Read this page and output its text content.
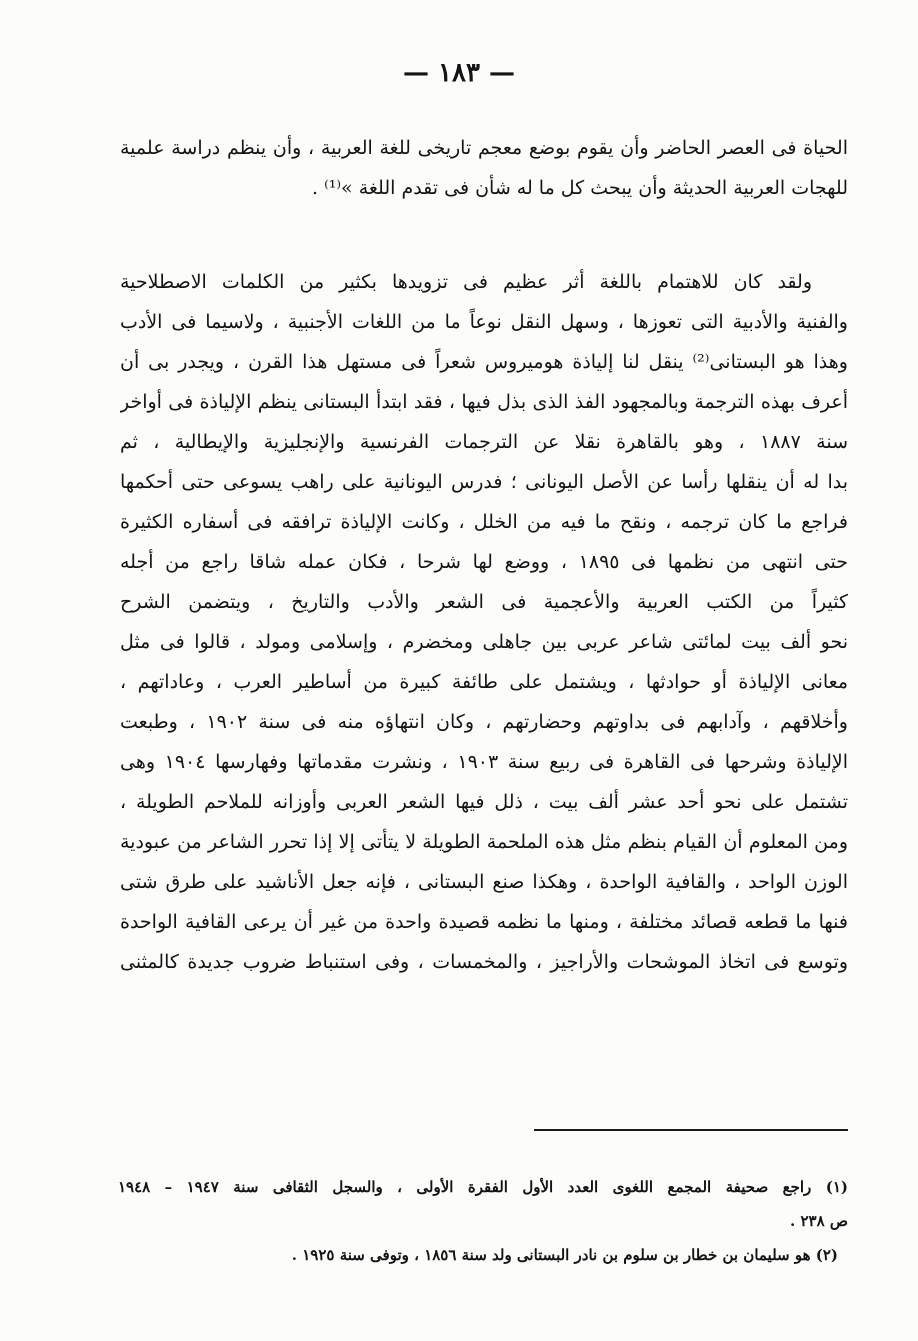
— ١٨٣ —
الحياة فى العصر الحاضر وأن يقوم بوضع معجم تاريخى للغة العربية ، وأن ينظم دراسة علمية
للهجات العربية الحديثة وأن يبحث كل ما له شأن فى تقدم اللغة »⁽¹⁾ .
ولقد كان للاهتمام باللغة أثر عظيم فى تزويدها بكثير من الكلمات الاصطلاحية
والفنية والأدبية التى تعوزها ، وسهل النقل نوعاً ما من اللغات الأجنبية ، ولاسيما فى الأدب
وهذا هو البستانى⁽²⁾ ينقل لنا إلياذة هوميروس شعراً فى مستهل هذا القرن ، ويجدر بى أن
أعرف بهذه الترجمة وبالمجهود الفذ الذى بذل فيها ، فقد ابتدأ البستانى ينظم الإلياذة فى أواخر
سنة ١٨٨٧ ، وهو بالقاهرة نقلا عن الترجمات الفرنسية والإنجليزية والإيطالية ، ثم
بدا له أن ينقلها رأسا عن الأصل اليونانى ؛ فدرس اليونانية على راهب يسوعى حتى أحكمها
فراجع ما كان ترجمه ، ونقح ما فيه من الخلل ، وكانت الإلياذة ترافقه فى أسفاره الكثيرة
حتى انتهى من نظمها فى ١٨٩٥ ، ووضع لها شرحا ، فكان عمله شاقا راجع من أجله
كثيراً من الكتب العربية والأعجمية فى الشعر والأدب والتاريخ ، ويتضمن الشرح
نحو ألف بيت لمائتى شاعر عربى بين جاهلى ومخضرم ، وإسلامى ومولد ، قالوا فى مثل
معانى الإلياذة أو حوادثها ، ويشتمل على طائفة كبيرة من أساطير العرب ، وعاداتهم ،
وأخلاقهم ، وآدابهم فى بداوتهم وحضارتهم ، وكان انتهاؤه منه فى سنة ١٩٠٢ ، وطبعت
الإلياذة وشرحها فى القاهرة فى ربيع سنة ١٩٠٣ ، ونشرت مقدماتها وفهارسها ١٩٠٤ وهى
تشتمل على نحو أحد عشر ألف بيت ، ذلل فيها الشعر العربى وأوزانه للملاحم الطويلة ،
ومن المعلوم أن القيام بنظم مثل هذه الملحمة الطويلة لا يتأتى إلا إذا تحرر الشاعر من عبودية
الوزن الواحد ، والقافية الواحدة ، وهكذا صنع البستانى ، فإنه جعل الأناشيد على طرق شتى
فنها ما قطعه قصائد مختلفة ، ومنها ما نظمه قصيدة واحدة من غير أن يرعى القافية الواحدة
وتوسع فى اتخاذ الموشحات والأراجيز ، والمخمسات ، وفى استنباط ضروب جديدة كالمثنى
(١) راجع صحيفة المجمع اللغوى العدد الأول الفقرة الأولى ، والسجل الثقافى سنة ١٩٤٧ – ١٩٤٨
ص ٢٣٨ .
(٢) هو سليمان بن خطار بن سلوم بن نادر البستانى ولد سنة ١٨٥٦ ، وتوفى سنة ١٩٢٥ .
